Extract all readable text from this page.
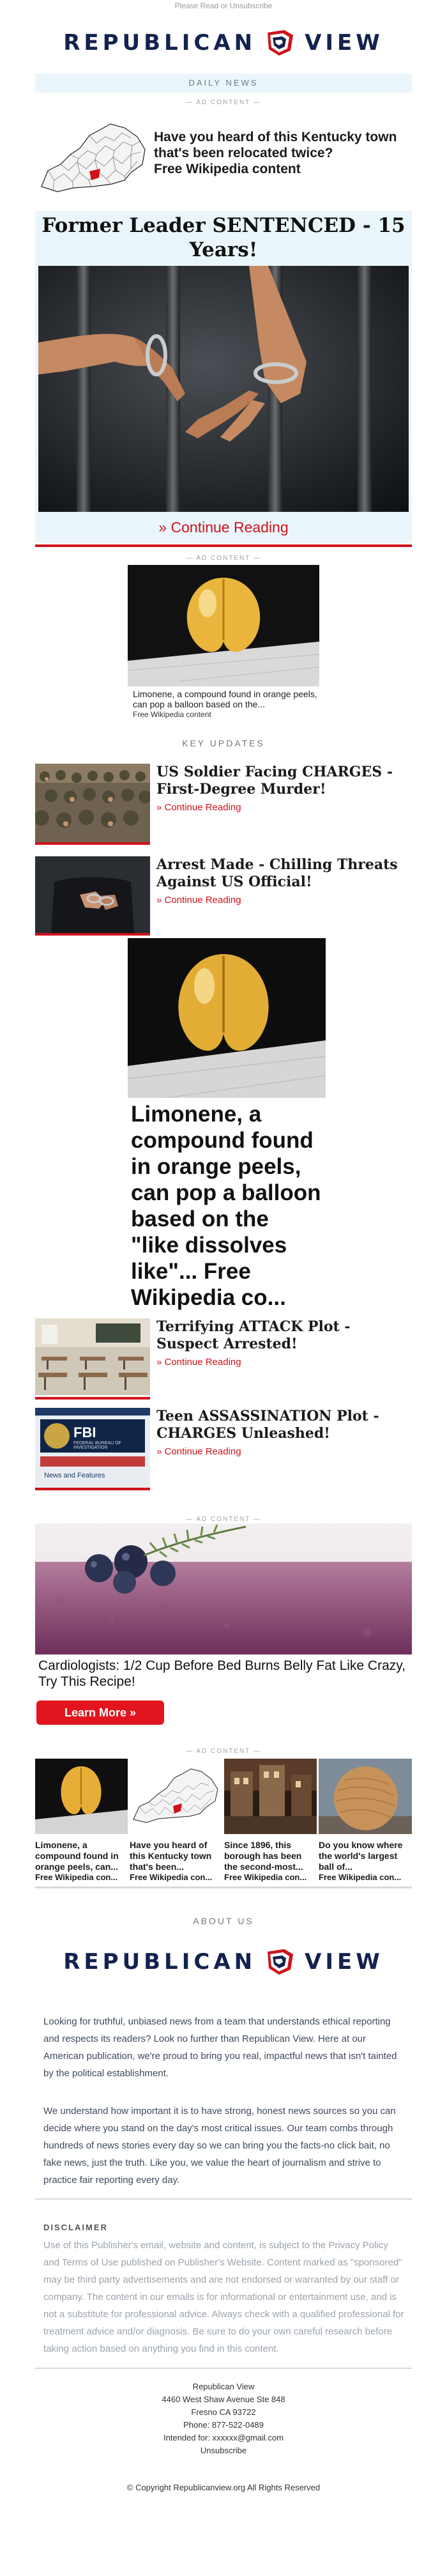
Please Read or Unsubscribe
REPUBLICAN VIEW
DAILY NEWS
— AD CONTENT —
Have you heard of this Kentucky town that's been relocated twice?
Free Wikipedia content
Former Leader SENTENCED - 15 Years!
» Continue Reading
— AD CONTENT —
Limonene, a compound found in orange peels, can pop a balloon based on the...
Free Wikipedia content
KEY UPDATES
US Soldier Facing CHARGES - First-Degree Murder!
» Continue Reading
Arrest Made - Chilling Threats Against US Official!
» Continue Reading
Limonene, a compound found in orange peels, can pop a balloon based on the "like dissolves like"... Free Wikipedia co...
Terrifying ATTACK Plot - Suspect Arrested!
» Continue Reading
FBI
FEDERAL BUREAU OF INVESTIGATION
News and Features
Teen ASSASSINATION Plot - CHARGES Unleashed!
» Continue Reading
— AD CONTENT —
Cardiologists: 1/2 Cup Before Bed Burns Belly Fat Like Crazy, Try This Recipe!
Learn More »
— AD CONTENT —
Limonene, a compound found in orange peels, can...
Free Wikipedia con...
Have you heard of this Kentucky town that's been...
Free Wikipedia con...
Since 1896, this borough has been the second-most...
Free Wikipedia con...
Do you know where the world's largest ball of...
Free Wikipedia con...
ABOUT US
REPUBLICAN VIEW
Looking for truthful, unbiased news from a team that understands ethical reporting and respects its readers? Look no further than Republican View. Here at our American publication, we're proud to bring you real, impactful news that isn't tainted by the political establishment.
We understand how important it is to have strong, honest news sources so you can decide where you stand on the day's most critical issues. Our team combs through hundreds of news stories every day so we can bring you the facts-no click bait, no fake news, just the truth. Like you, we value the heart of journalism and strive to practice fair reporting every day.
DISCLAIMER
Use of this Publisher's email, website and content, is subject to the Privacy Policy and Terms of Use published on Publisher's Website. Content marked as "sponsored" may be third party advertisements and are not endorsed or warranted by our staff or company. The content in our emails is for informational or entertainment use, and is not a substitute for professional advice. Always check with a qualified professional for treatment advice and/or diagnosis. Be sure to do your own careful research before taking action based on anything you find in this content.
Republican View
4460 West Shaw Avenue Ste 848
Fresno CA 93722
Phone: 877-522-0489
Intended for: xxxxxx@gmail.com
Unsubscribe
© Copyright Republicanview.org All Rights Reserved
